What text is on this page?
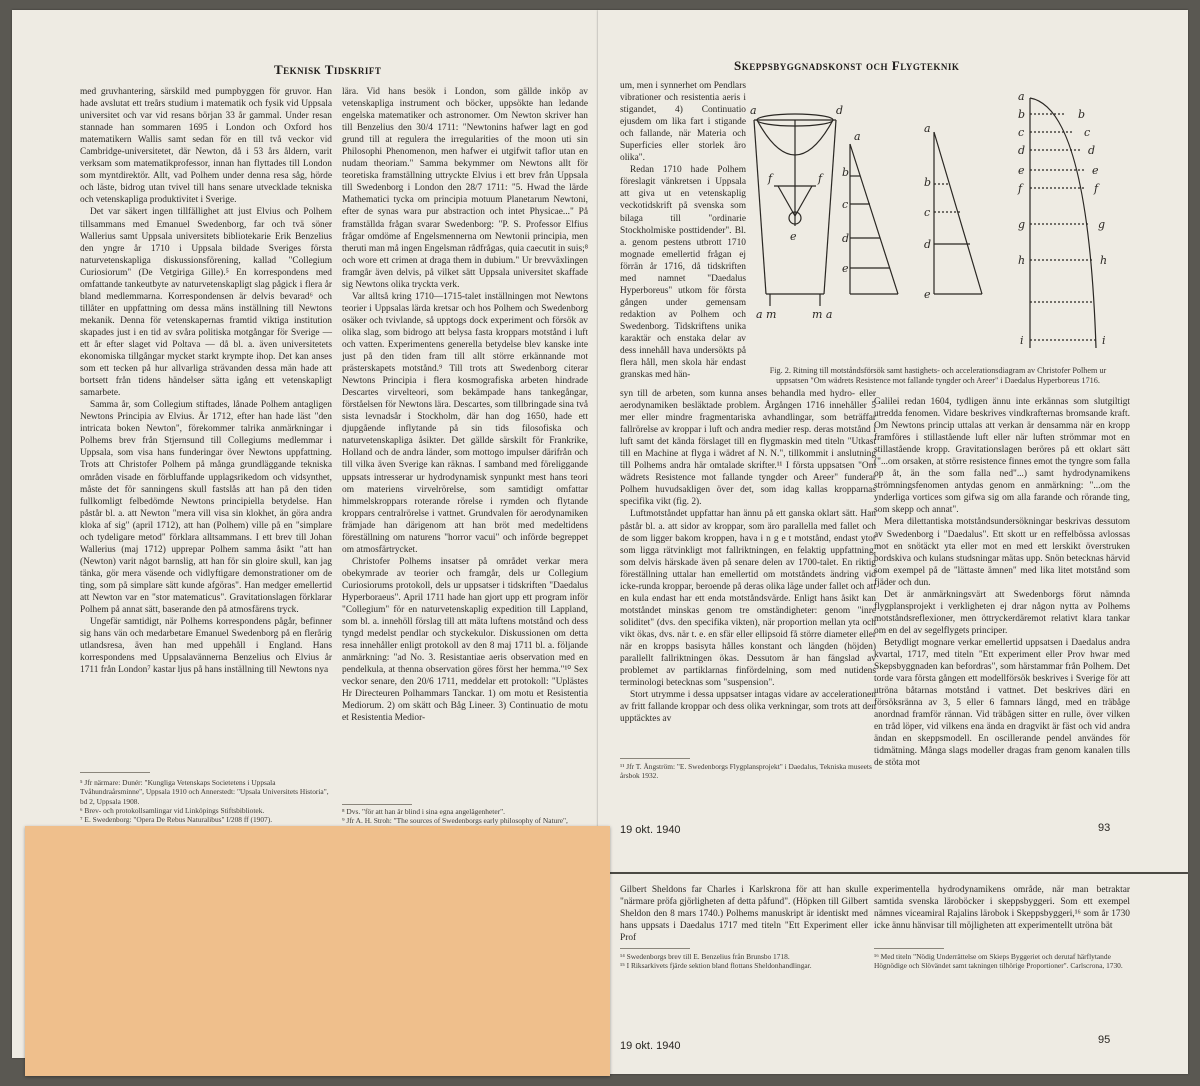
Teknisk Tidskrift

med gruvhantering, särskild med pumpbyggen för gruvor. Han hade avslutat ett treårs studium i matematik och fysik vid Uppsala universitet och var vid resans början 33 år gammal. Under resan stannade han sommaren 1695 i London och Oxford hos matematikern Wallis samt sedan för en till två veckor vid Cambridge-universitetet, där Newton, då i 53 års åldern, varit verksam som matematikprofessor, innan han flyttades till London som myntdirektör. Allt, vad Polhem under denna resa såg, hörde och läste, bidrog utan tvivel till hans senare utvecklade tekniska och vetenskapliga produktivitet i Sverige.

Det var säkert ingen tillfällighet att just Elvius och Polhem tillsammans med Emanuel Swedenborg, far och tvä söner Wallerius samt Uppsala universitets bibliotekarie Erik Benzelius den yngre år 1710 i Uppsala bildade Sveriges första naturvetenskapliga diskussionsförening, kallad "Collegium Curiosiorum" (De Vetgiriga Gille).⁵ En korrespondens med omfattande tankeutbyte av naturvetenskapligt slag pågick i flera år bland medlemmarna. Korrespondensen är delvis bevarad⁶ och tillåter en uppfattning om dessa mäns inställning till Newtons mekanik. Denna för vetenskapernas framtid viktiga institution skapades just i en tid av svåra politiska motgångar för Sverige — ett år efter slaget vid Poltava — då bl. a. även universitetets ekonomiska tillgångar mycket starkt krympte ihop. Det kan anses som ett tecken på hur allvarliga strävanden dessa män hade att bortsett från tidens händelser sätta igång ett vetenskapligt samarbete.

Samma år, som Collegium stiftades, lånade Polhem antagligen Newtons Principia av Elvius. År 1712, efter han hade läst "den intricata boken Newton", förekommer talrika anmärkningar i Polhems brev från Stjernsund till Collegiums medlemmar i Uppsala, som visa hans funderingar över Newtons uppfattning. Trots att Christofer Polhem på många grundläggande tekniska områden visade en förbluffande upplagsrikedom och vidsynthet, måste det för sanningens skull fastslås att han på den tiden fullkomligt felbedömde Newtons principiella betydelse. Han påstår bl. a. att Newton "mera vill visa sin klokhet, än göra andra kloka af sig" (april 1712), att han (Polhem) ville på en "simplare och tydeligare metod" förklara alltsammans. I ett brev till Johan Wallerius (maj 1712) upprepar Polhem samma åsikt "att han (Newton) varit något barnslig, att han för sin gloire skull, kan jag tänka, gör mera väsende och vidlyftigare demonstrationer om de ting, som på simplare sätt kunde afgöras". Han medger emellertid att Newton var en "stor matematicus". Gravitationslagen förklarar Polhem på annat sätt, baserande den på atmosfärens tryck.

Ungefär samtidigt, när Polhems korrespondens pågår, befinner sig hans vän och medarbetare Emanuel Swedenborg på en flerårig utlandsresa, även han med uppehåll i England. Hans korrespondens med Uppsalavännerna Benzelius och Elvius år 1711 från London⁷ kastar ljus på hans inställning till Newtons nya

⁵ Jfr närmare: Dunér: "Kungliga Vetenskaps Societetens i Uppsala Tvåhundraårsminne", Uppsala 1910 och Annerstedt: "Upsala Universitets Historia", bd 2, Uppsala 1908.
⁶ Brev- och protokollsamlingar vid Linköpings Stiftsbibliotek.
⁷ E. Swedenborg: "Opera De Rebus Naturalibus" I/208 ff (1907).

lära. Vid hans besök i London, som gällde inköp av vetenskapliga instrument och böcker, uppsökte han ledande engelska matematiker och astronomer. Om Newton skriver han till Benzelius den 30/4 1711: "Newtonins hafwer lagt en god grund till at regulera the irregularities of the moon uti sin Philosophi Phenomenon, men hafwer ei utgifwit taflor utan en nudam theoriam." Samma bekymmer om Newtons allt för teoretiska framställning uttryckte Elvius i ett brev från Uppsala till Swedenborg i London den 28/7 1711: "5. Hwad the lärde Mathematici tycka om principia motuum Planetarum Newtoni, efter de synas wara pur abstraction och intet Physicae..." På framställda frågan svarar Swedenborg: "P. S. Professor Elfius frågar omdöme af Engelsmennerna om Newtonii principia, men theruti man må ingen Engelsman rådfrågas, quia caecutit in suis;⁸ och wore ett crimen at draga them in dubium." Ur brevväxlingen framgår även delvis, på vilket sätt Uppsala universitet skaffade sig Newtons olika tryckta verk.

Var alltså kring 1710—1715-talet inställningen mot Newtons teorier i Uppsalas lärda kretsar och hos Polhem och Swedenborg osäker och tvivlande, så upptogs dock experiment och försök av olika slag, som bidrogo att belysa fasta kroppars motstånd i luft och vatten. Experimentens generella betydelse blev kanske inte just på den tiden fram till allt större erkännande mot prästerskapets motstånd.⁹ Till trots att Swedenborg citerar Newtons Principia i flera kosmografiska arbeten hindrade Descartes virvelteori, som bekämpade hans tankegångar, förståelsen för Newtons lära. Descartes, som tillbringade sina två sista levnadsår i Stockholm, där han dog 1650, hade ett djupgående inflytande på sin tids filosofiska och naturvetenskapliga åsikter. Det gällde särskilt för Frankrike, Holland och de andra länder, som mottogo impulser därifrån och till vilka även Sverige kan räknas. I samband med föreliggande uppsats intresserar ur hydrodynamisk synpunkt mest hans teori om materiens virvelrörelse, som samtidigt omfattar himmelskroppars roterande rörelse i rymden och flytande kroppars centralrörelse i vattnet. Grundvalen för aerodynamiken främjade han därigenom att han bröt med medeltidens föreställning om naturens "horror vacui" och införde begreppet om atmosfärtrycket.

Christofer Polhems insatser på området verkar mera obekymrade av teorier och framgår, dels ur Collegium Curiosiorums protokoll, dels ur uppsatser i tidskriften "Daedalus Hyperboraeus". April 1711 hade han gjort upp ett program inför "Collegium" för en naturvetenskaplig expedition till Lappland, som bl. a. innehöll förslag till att mäta luftens motstånd och dess tyngd medelst pendlar och styckekulor. Diskussionen om detta resa innehåller enligt protokoll av den 8 maj 1711 bl. a. följande anmärkning: "ad No. 3. Resistantiae aeris observation med en pendelkula, at thenna observation göres först her hemma."¹⁰ Sex veckor senare, den 20/6 1711, meddelar ett protokoll: "Uplästes Hr Directeuren Polhammars Tanckar. 1) om motu et Resistentia Mediorum. 2) om skätt och Båg Lineer. 3) Continuatio de motu et Resistentia Medior-

⁸ Dvs. "för att han är blind i sina egna angelägenheter".
⁹ Jfr A. H. Stroh: "The sources of Swedenborgs early philosophy of Nature",
Skeppsbyggnadskonst och Flygteknik

um, men i synnerhet om Pendlars vibrationer och resistentia aeris i stigandet, 4) Continuatio ejusdem om lika fart i stigande och fallande, när Materia och Superficies eller storlek äro olika".

Redan 1710 hade Polhem föreslagit vänkretsen i Uppsala att giva ut en vetenskaplig veckotidskrift på svenska som bilaga till "ordinarie Stockholmiske posttidender". Bl. a. genom pestens utbrott 1710 mognade emellertid frågan ej förrän år 1716, då tidskriften med namnet "Daedalus Hyperboreus" utkom för första gången under gemensam redaktion av Polhem och Swedenborg. Tidskriftens unika karaktär och enstaka delar av dess innehåll hava undersökts på flera håll, men skola här endast granskas med hän-

a	d
f	f
e
a m	m a
a
b
c
d
e
a
b
c
d
e
a
b
c
d
e
f
g
h
i
b
c
d
e
f
g
h
i
Fig. 2. Ritning till motståndsförsök samt hastighets- och accelerationsdiagram av Christofer Polhem ur uppsatsen "Om wädrets Resistence mot fallande tyngder och Areer" i Daedalus Hyperboreus 1716.

syn till de arbeten, som kunna anses behandla med hydro- eller aerodynamiken besläktade problem. Årgången 1716 innehåller 5 mer eller mindre fragmentariska avhandlingar, som beträffar fallrörelse av kroppar i luft och andra medier resp. deras motstånd i luft samt det kända förslaget till en flygmaskin med titeln "Utkast till en Machine at flyga i wädret af N. N.", tillkommit i anslutning till Polhems andra här omtalade skrifter.¹¹ I första uppsatsen "Om wädrets Resistence mot fallande tyngder och Areer" funderar Polhem huvudsakligen över det, som idag kallas kropparnas specifika vikt (fig. 2).

Luftmotståndet uppfattar han ännu på ett ganska oklart sätt. Han påstår bl. a. att sidor av kroppar, som äro parallella med fallet och de som ligger bakom kroppen, hava i n g e t motstånd, endast ytor som ligga rätvinkligt mot fallriktningen, en felaktig uppfattning, som delvis härskade även på senare delen av 1700-talet. En riktig föreställning uttalar han emellertid om motståndets ändring vid icke-runda kroppar, beroende på deras olika läge under fallet och att en kula endast har ett enda motståndsvärde. Enligt hans åsikt kan motståndet minskas genom tre omständigheter: genom "inre soliditet" (dvs. den specifika vikten), när proportion mellan yta och vikt ökas, dvs. när t. e. en sfär eller ellipsoid få större diameter eller när en kropps basisyta hålles konstant och längden (höjden) parallellt fallriktningen ökas. Dessutom är han fängslad av problemet av partiklarnas finfördelning, som med nutidens terminologi betecknas som "suspension".

Stort utrymme i dessa uppsatser intagas vidare av accelerationen av fritt fallande kroppar och dess olika verkningar, som trots att den upptäcktes av

¹¹ Jfr T. Ängström: "E. Swedenborgs Flygplansprojekt" i Daedalus, Tekniska museets årsbok 1932.

Galilei redan 1604, tydligen ännu inte erkännas som slutgiltigt utredda fenomen. Vidare beskrives vindkrafternas bromsande kraft. Om Newtons princip uttalas att verkan är densamma när en kropp framföres i stillastående luft eller när luften strömmar mot en stillastående kropp. Gravitationslagen beröres på ett oklart sätt ("...om orsaken, at större resistence finnes emot the tyngre som falla op åt, än the som falla ned"...) samt hydrodynamikens strömningsfenomen antydas genom en anmärkning: "...om the ynderliga vortices som gifwa sig om alla farande och rörande ting, som skepp och annat".

Mera dilettantiska motståndsundersökningar beskrivas dessutom av Swedenborg i "Daedalus". Ett skott ur en reffelbössa avlossas mot en snötäckt yta eller mot en med ett lerskikt överstruken bordskiva och kulans studsningar mätas upp. Snön betecknas härvid som exempel på de "lättaste ämnen" med lika litet motstånd som fjäder och dun.

Det är anmärkningsvärt att Swedenborgs förut nämnda flygplansprojekt i verkligheten ej drar någon nytta av Polhems motståndsreflexioner, men öttryckerdäremot relativt klara tankar om en del av segelflygets principer.

Betydligt mognare verkar emellertid uppsatsen i Daedalus andra kvartal, 1717, med titeln "Ett experiment eller Prov hwar med Skepsbyggnaden kan befordras", som härstammar från Polhem. Det torde vara första gången ett modellförsök beskrives i Sverige för att utröna båtarnas motstånd i vattnet. Det beskrives däri en försöksränna av 3, 5 eller 6 famnars längd, med en träbåge anordnad framför rännan. Vid träbågen sitter en rulle, över vilken en tråd löper, vid vilkens ena ända en dragvikt är fäst och vid andra ändan en skeppsmodell. En oscillerande pendel användes för tidmätning. Många slags modeller dragas fram genom kanalen tills de stöta mot

19 okt. 1940	93

Gilbert Sheldons far Charles i Karlskrona för att han skulle "närmare pröfa gjörligheten af detta påfund". (Höpken till Gilbert Sheldon den 8 mars 1740.) Polhems manuskript är identiskt med hans uppsats i Daedalus 1717 med titeln "Ett Experiment eller Prof

¹⁴ Swedenborgs brev till E. Benzelius från Brunsbo 1718.
¹⁵ I Riksarkivets fjärde sektion bland flottans Sheldonhandlingar.

experimentella hydrodynamikens område, när man betraktar samtida svenska läroböcker i skeppsbyggeri. Som ett exempel nämnes viceamiral Rajalins lärobok i Skeppsbyggeri,¹⁶ som år 1730 icke ännu hänvisar till möjligheten att experimentellt utröna bät

¹⁶ Med titeln "Nödig Underrättelse om Skieps Byggeriet och derutaf härflytande Högnödige och Slövändet samt takningen tilhörige Proportioner". Carlscrona, 1730.
19 okt. 1940	95
